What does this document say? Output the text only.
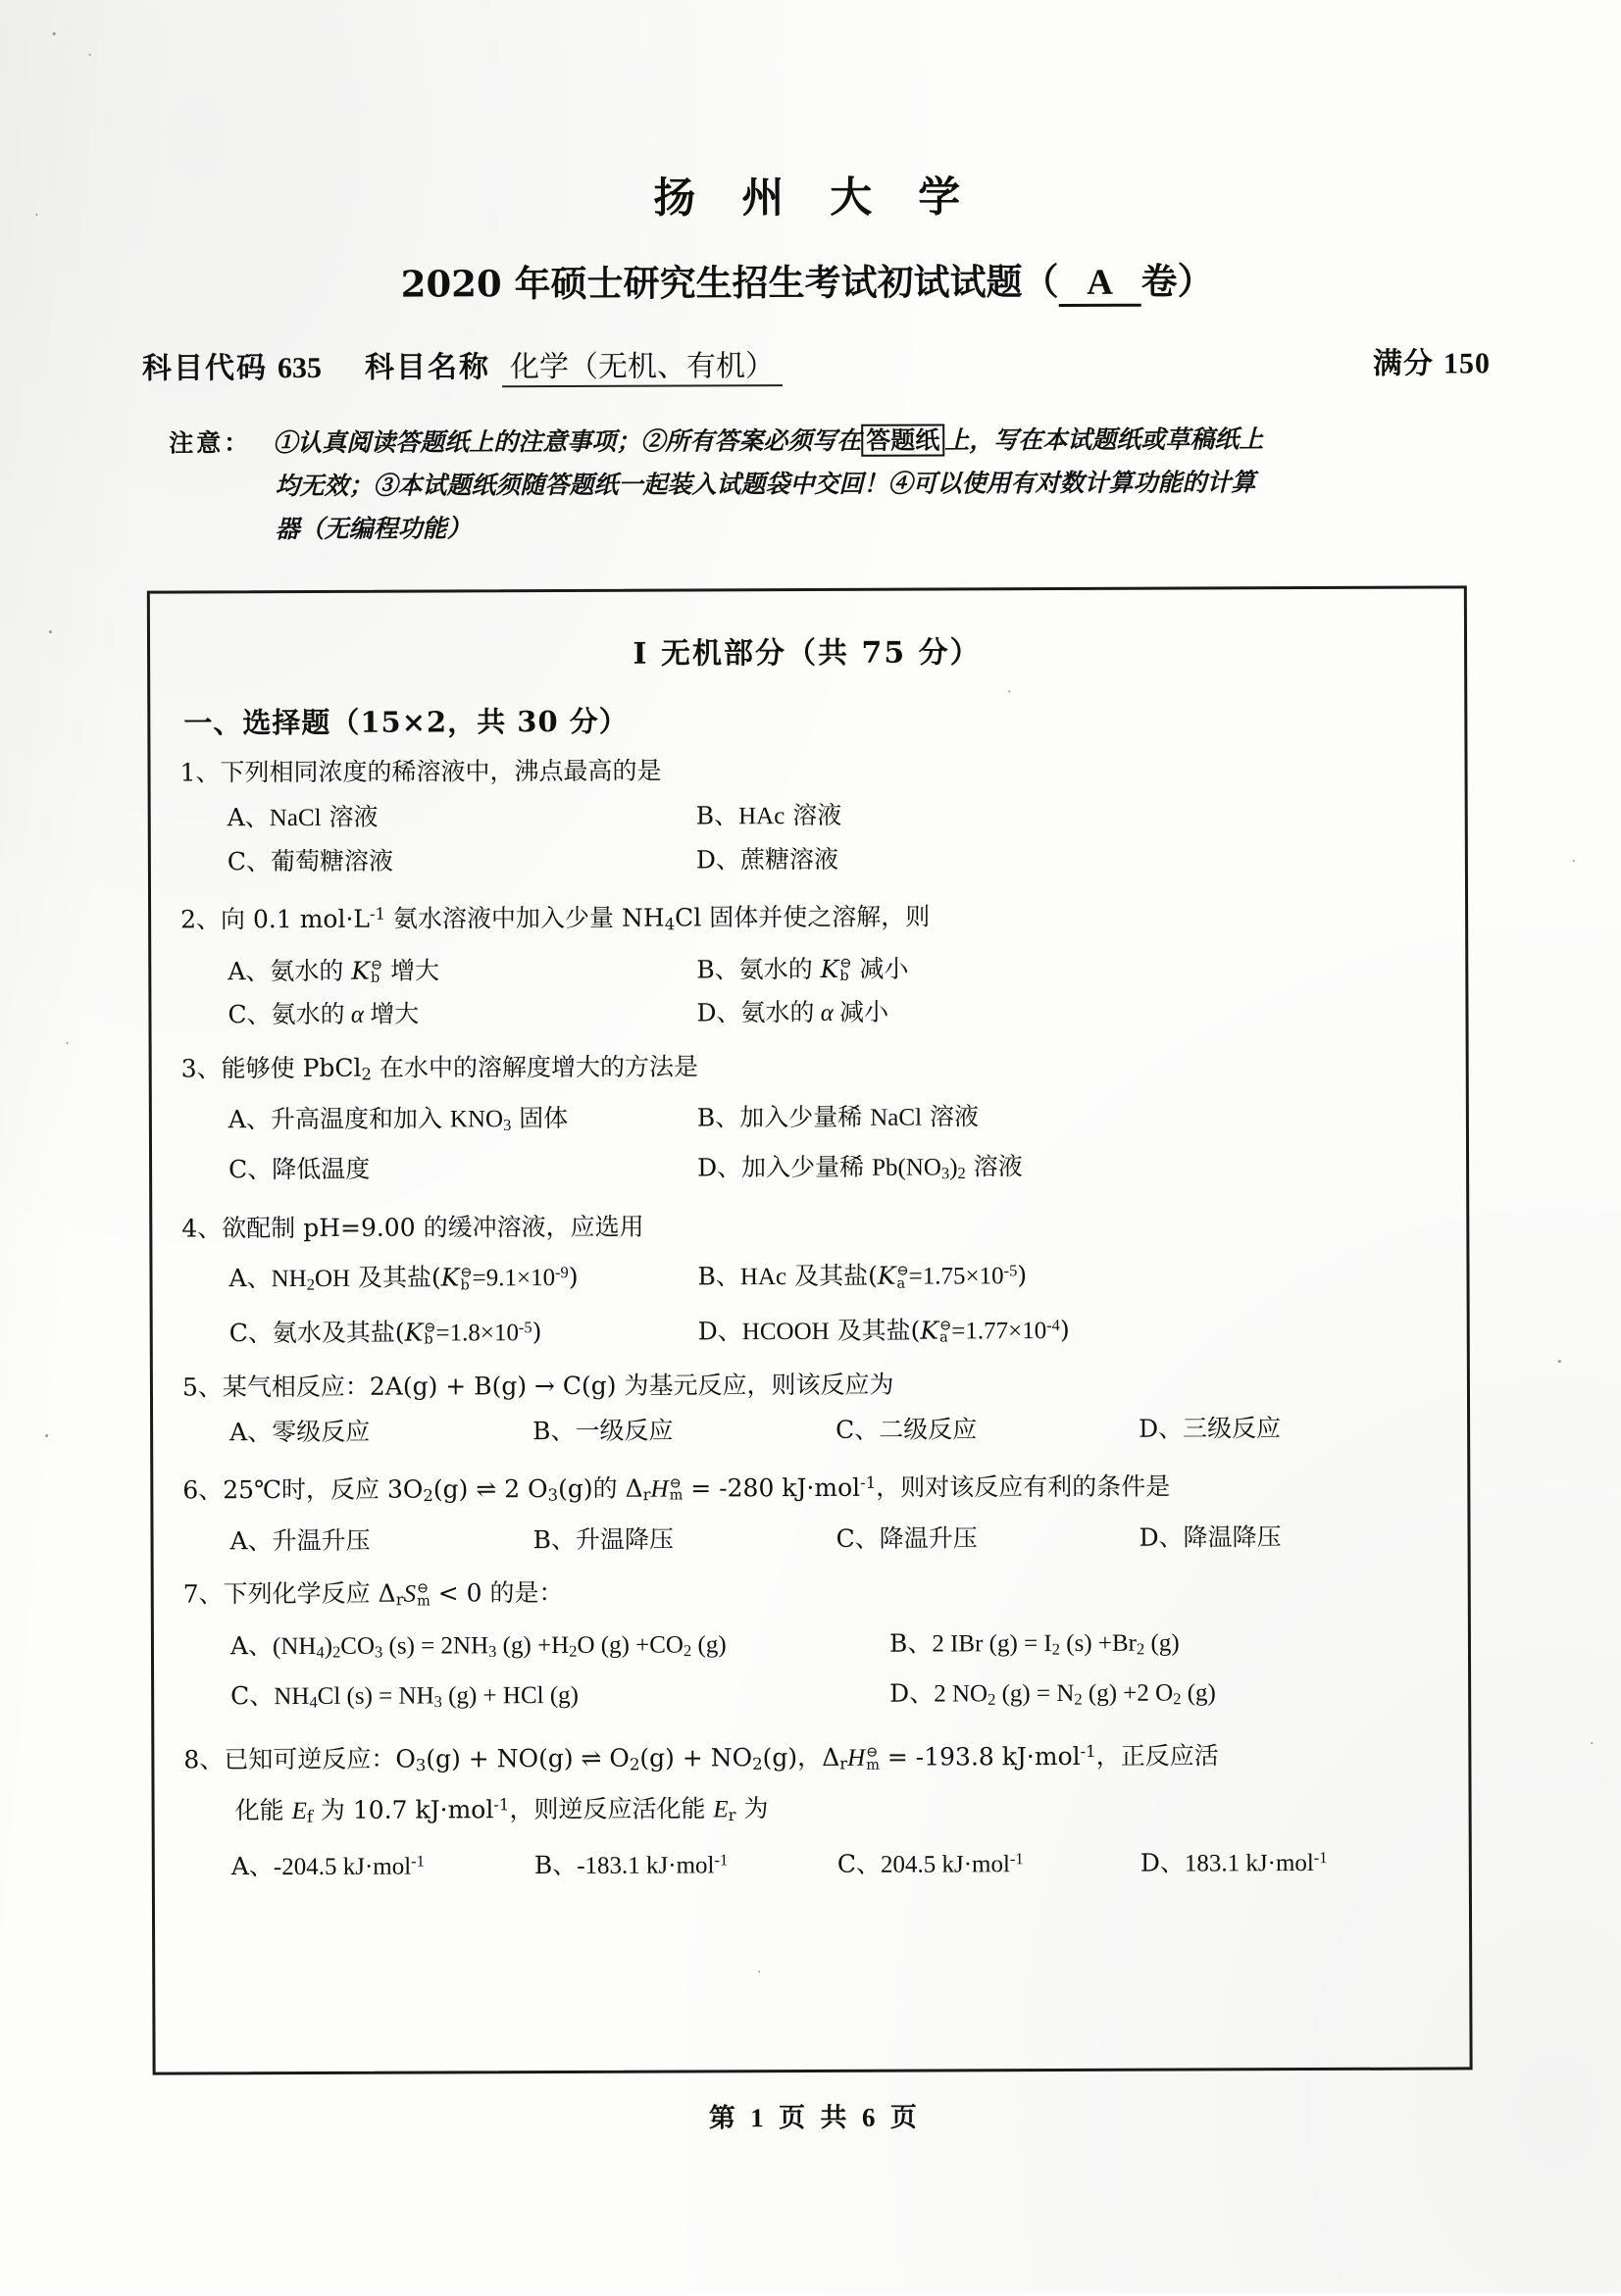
扬 州 大 学
2020 年硕士研究生招生考试初试试题（ A 卷）
满分 150
科目代码 635 科目名称 化学（无机、有机）
注意： ①认真阅读答题纸上的注意事项；②所有答案必须写在 答题纸 上，写在本试题纸或草稿纸上
均无效；③本试题纸须随答题纸一起装入试题袋中交回！④可以使用有对数计算功能的计算
器（无编程功能）
I 无机部分（共 75 分）
一、选择题（15×2，共 30 分）
1、下列相同浓度的稀溶液中，沸点最高的是
A、NaCl 溶液	B、HAc 溶液
C、葡萄糖溶液	D、蔗糖溶液
2、向 0.1 $mol\cdot L^{-1}$ 氨水溶液中加入少量 $NH_4Cl$ 固体并使之溶解，则
A、氨水的 K ⊖
b 增大	B、氨水的 K ⊖
b 减小
C、氨水的 α 增大	D、氨水的 α 减小
3、能够使 PbCl$_2$ 在水中的溶解度增大的方法是
A、升高温度和加入 $KNO_3$ 固体	B、加入少量稀 NaCl 溶液
C、降低温度	D、加入少量稀 $Pb(NO_3)_2$ 溶液
4、欲配制 pH=9.00 的缓冲溶液，应选用
A、$NH_2OH$ 及其盐(K ⊖
$b =9.1\times 10^{-9}$)	B、HAc 及其盐(K ⊖
$a =1.75\times 10^{-5}$)
C、氨水及其盐(K ⊖
$b =1.8\times 10^{-5}$)	D、HCOOH 及其盐(K ⊖
$a =1.77\times 10^{-4}$)
5、某气相反应：2A(g) + B(g) → C(g) 为基元反应，则该反应为
A、零级反应	B、一级反应	C、二级反应	D、三级反应
6、25℃时，反应 $3O_2(g)$ ⇌ 2 $O_3(g)$的 $\Delta_rH$ ⊖
m = -280 kJ·mol$^{-1}$，则对该反应有利的条件是
A、升温升压	B、升温降压	C、降温升压	D、降温降压
7、下列化学反应 $\Delta_rS$ ⊖
m < 0 的是：
A、$(NH_4)_2CO_3$ $(s) = 2NH_3$ $(g) +H_2O$ $(g) +CO_2$ (g)	B、2 IBr $(g) = I_2$ $(s) +Br_2$ (g)
C、$NH_4Cl$ $(s) = NH_3$ (g) + HCl (g)	D、2 $NO_2$ $(g) = N_2$ (g) +2 $O_2$ (g)
8、已知可逆反应：$O_3(g) + NO(g)$ ⇌ $O_2(g) + NO_2(g)$，$\Delta_rH$ ⊖
m = -193.8 kJ·mol$^{-1}$，正反应活
化能 $E_f$ 为 10.7 kJ·mol$^{-1}$，则逆反应活化能 $E_r$ 为
A、-204.5 kJ·mol$^{-1}$	B、-183.1 kJ·mol$^{-1}$	C、204.5 kJ·mol$^{-1}$	D、183.1 kJ·mol$^{-1}$
第 1 页 共 6 页
